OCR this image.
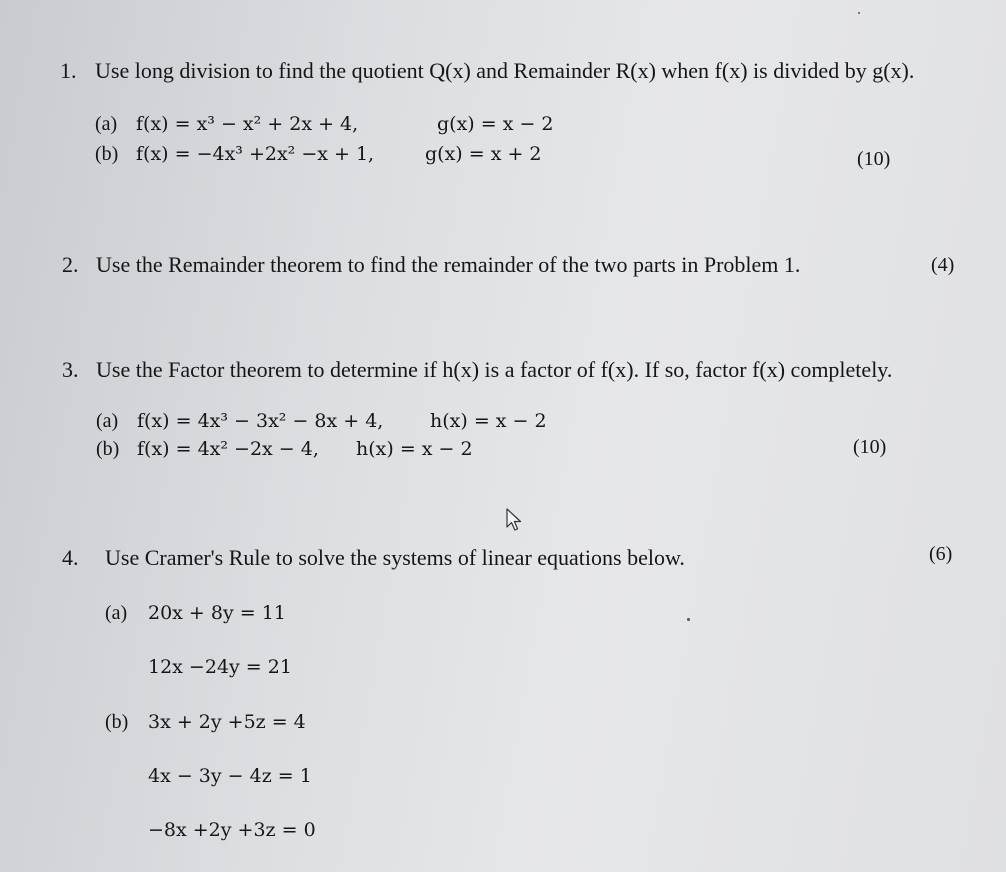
1. Use long division to find the quotient Q(x) and Remainder R(x) when f(x) is divided by g(x).
(a) f(x) = x³ − x² + 2x + 4,	g(x) = x − 2
(b) f(x) = −4x³ +2x² −x + 1,	g(x) = x + 2	(10)
2. Use the Remainder theorem to find the remainder of the two parts in Problem 1.	(4)
3. Use the Factor theorem to determine if h(x) is a factor of f(x). If so, factor f(x) completely.
(a) f(x) = 4x³ − 3x² − 8x + 4, h(x) = x − 2
(b) f(x) = 4x² −2x − 4, h(x) = x − 2	(10)
4. Use Cramer's Rule to solve the systems of linear equations below.	(6)
(a) 20x + 8y = 11
12x −24y = 21
(b) 3x + 2y +5z = 4
4x − 3y − 4z = 1
−8x +2y +3z = 0
